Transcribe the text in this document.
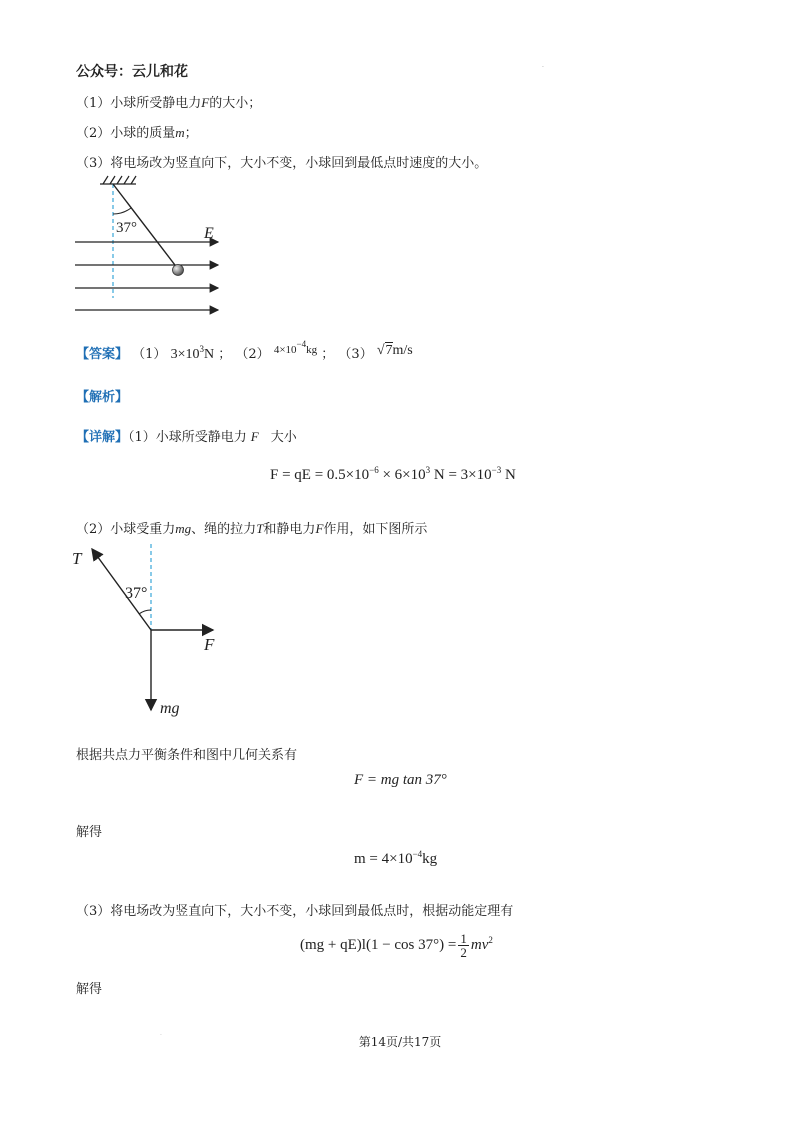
公众号：云儿和花	.
（1）小球所受静电力F的大小；
（2）小球的质量m；
（3）将电场改为竖直向下，大小不变，小球回到最低点时速度的大小。
37°	E
【答案】 （1） $3\times 10^3N$ ； （2） $^{4\times 10^{-4}kg}$ ； （3） √7m/s
【解析】
【详解】（1）小球所受静电力 F 大小
F = qE = $0.5\times 10^{-6} \times 6\times 10^3$ $N = 3\times 10^{-3}$ N
（2）小球受重力mg、绳的拉力T和静电力F作用，如下图所示
T
37°
F
mg
根据共点力平衡条件和图中几何关系有
F = mg tan 37°
解得
$m = 4\times 10^{-4}kg$
（3）将电场改为竖直向下，大小不变，小球回到最低点时，根据动能定理有
$(mg + qE)l(1 - \cos 37^\circ) = \frac{1}{2} mv^2$
解得
.
第14页/共17页
